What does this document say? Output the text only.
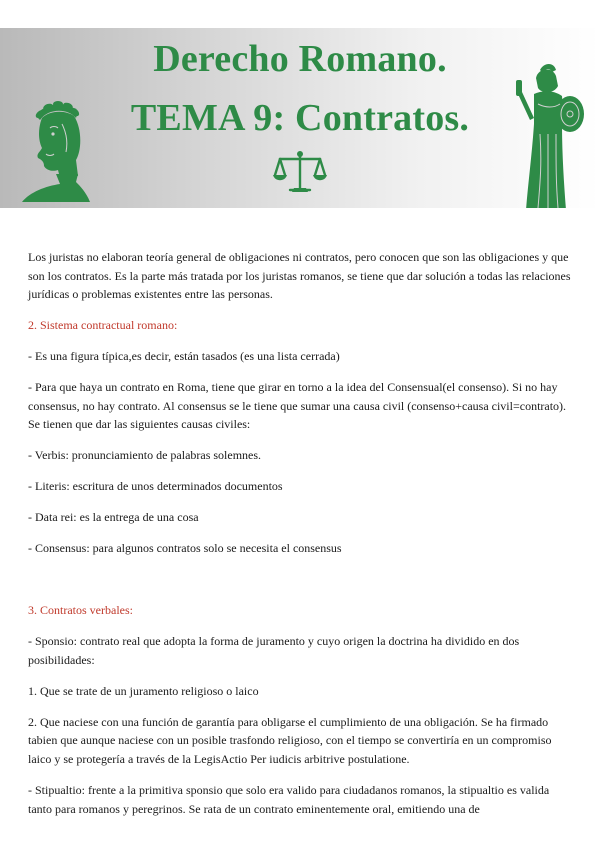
Derecho Romano.
TEMA 9: Contratos.

Los juristas no elaboran teoría general de obligaciones ni contratos, pero conocen que son las obligaciones y que son los contratos. Es la parte más tratada por los juristas romanos, se tiene que dar solución a todas las relaciones jurídicas o problemas existentes entre las personas.

2. Sistema contractual romano:

- Es una figura típica,es decir, están tasados (es una lista cerrada)

- Para que haya un contrato en Roma, tiene que girar en torno a la idea del Consensual(el consenso). Si no hay consensus, no hay contrato. Al consensus se le tiene que sumar una causa civil (consenso+causa civil=contrato). Se tienen que dar las siguientes causas civiles:

- Verbis: pronunciamiento de palabras solemnes.

- Literis: escritura de unos determinados documentos

- Data rei: es la entrega de una cosa

- Consensus: para algunos contratos solo se necesita el consensus

3. Contratos verbales:

- Sponsio: contrato real que adopta la forma de juramento y cuyo origen la doctrina ha dividido en dos posibilidades:

1. Que se trate de un juramento religioso o laico

2. Que naciese con una función de garantía para obligarse el cumplimiento de una obligación. Se ha firmado tabien que aunque naciese con un posible trasfondo religioso, con el tiempo se convertiría en un compromiso laico y se protegería a través de la LegisActio Per iudicis arbitrive postulatione.

- Stipualtio: frente a la primitiva sponsio que solo era valido para ciudadanos romanos, la stipualtio es valida tanto para romanos y peregrinos. Se rata de un contrato eminentemente oral, emitiendo una de
